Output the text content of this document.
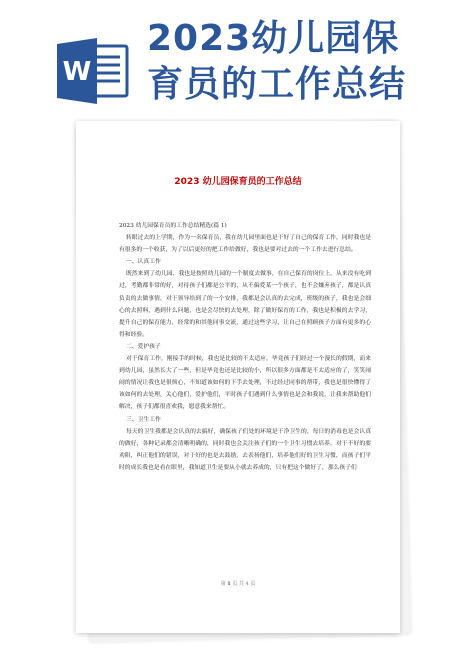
W
2023幼儿园保
育员的工作总结
2023 幼儿园保育员的工作总结

2023 幼儿园保育员的工作总结精选(篇 1)

转眼过去的上学期，作为一名保育员，我在幼儿园里面也是干好了自己的保育工作，同时我也是有很多的一个收获，为了以后更好的把工作给做好，我也是要对过去的一个工作去进行总结。

一、认真工作

既然来到了幼儿园，我也是按照幼儿园的一个制度去做事，在自己保育的岗位上，从来没有吃到过，考勤都非常的好，对待孩子们都是公平的，从不偏爱某一个孩子，也不会嫌弃孩子，都是认真负责的去做事情，对于领导给到了的一个安排，我都是会认真的去完成，班级的孩子，我也是会细心的去照料，遇到什么问题，也是会尽快的去处理，除了做好保育的工作，我也是积极的去学习，提升自己的保育能力，经常的和其他同事交流，通过这些学习，让自己在照顾孩子方面有更多的心得和经验。

二、爱护孩子

对于保育工作，刚接手的时候，我也是比较的不太适应，毕竟孩子们经过一个漫长的假期，而来到幼儿园，虽然长大了一些，但是毕竟也还是比较的小，所以很多方面都是不太适应的了，笑笑闹闹的情况让我也是很烦心，不知道该如何的下手去处理，不过经过同事的帮带，我也是很快懂得了该如何的去处理，关心他们，爱护他们，平时孩子们遇到什么事情也是会和我说，让我来帮助他们解决，孩子们都很喜欢我，愿意我来帮忙。

三、卫生工作

每天的卫生我都是会认真的去搞好，确保孩子们处的环境是干净卫生的，每日的消毒也是会认真的做好，各种记录都会清晰明确的，同时我也会关注孩子们的一个卫生习惯去培养，对于不好的要劝阻，纠正他们的错误，对于好的也是去鼓励，去表扬他们，培养他们好的卫生习惯，而孩子们平时的成长我也是看在眼里，我知道卫生是要从小就去养成的，只有把这个做好了，那么孩子们

第 1 页 共 4 页
